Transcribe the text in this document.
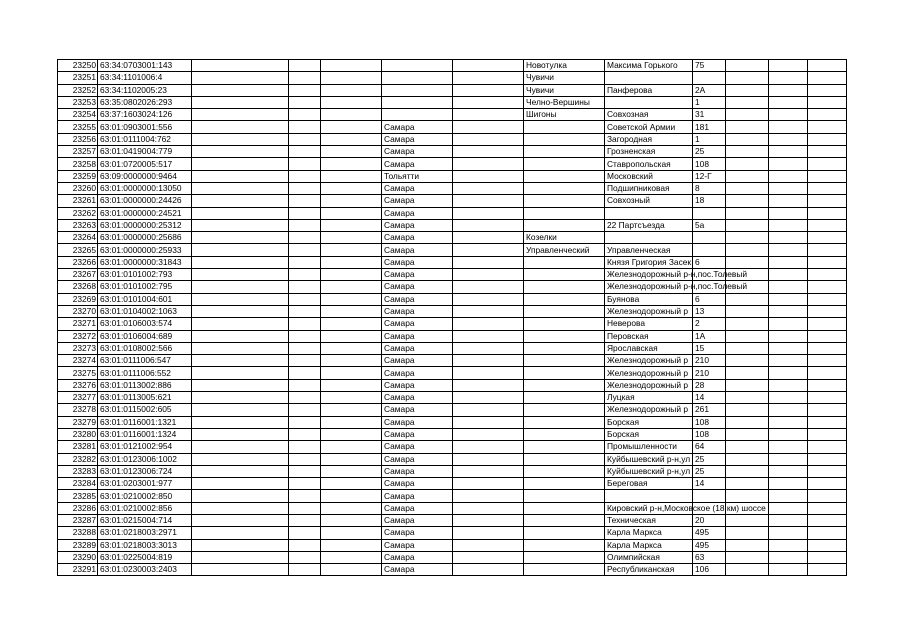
23250	63:34:0703001:143						Новотулка	Максима Горького	75			
23251	63:34:1101006:4						Чувичи					
23252	63:34:1102005:23						Чувичи	Панферова	2А			
23253	63:35:0802026:293						Челно-Вершины		1			
23254	63:37:1603024:126						Шигоны	Совхозная	31			
23255	63:01:0903001:556				Самара			Советской Армии	181			
23256	63:01:0111004:762				Самара			Загородная	1			
23257	63:01:0419004:779				Самара			Грозненская	25			
23258	63:01:0720005:517				Самара			Ставропольская	108			
23259	63:09:0000000:9464				Тольятти			Московский	12-Г			
23260	63:01:0000000:13050				Самара			Подшипниковая	8			
23261	63:01:0000000:24426				Самара			Совхозный	18			
23262	63:01:0000000:24521				Самара							
23263	63:01:0000000:25312				Самара			22 Партсъезда	5а			
23264	63:01:0000000:25686				Самара		Козелки					
23265	63:01:0000000:25933				Самара		Управленческий	Управленческая				
23266	63:01:0000000:31843				Самара			Князя Григория Засек	6			
23267	63:01:0101002:793				Самара			Железнодорожный р-н,пос.Толевый				
23268	63:01:0101002:795				Самара			Железнодорожный р-н,пос.Толевый				
23269	63:01:0101004:601				Самара			Буянова	6			
23270	63:01:0104002:1063				Самара			Железнодорожный р	13			
23271	63:01:0106003:574				Самара			Неверова	2			
23272	63:01:0106004:689				Самара			Перовская	1А			
23273	63:01:0108002:566				Самара			Ярославская	15			
23274	63:01:0111006:547				Самара			Железнодорожный р	210			
23275	63:01:0111006:552				Самара			Железнодорожный р	210			
23276	63:01:0113002:886				Самара			Железнодорожный р	28			
23277	63:01:0113005:621				Самара			Луцкая	14			
23278	63:01:0115002:605				Самара			Железнодорожный р	261			
23279	63:01:0116001:1321				Самара			Борская	108			
23280	63:01:0116001:1324				Самара			Борская	108			
23281	63:01:0121002:954				Самара			Промышленности	64			
23282	63:01:0123006:1002				Самара			Куйбышевский р-н,ул	25			
23283	63:01:0123006:724				Самара			Куйбышевский р-н,ул	25			
23284	63:01:0203001:977				Самара			Береговая	14			
23285	63:01:0210002:850				Самара							
23286	63:01:0210002:856				Самара			Кировский р-н,Московское (18 км) шоссе				
23287	63:01:0215004:714				Самара			Техническая	20			
23288	63:01:0218003:2971				Самара			Карла Маркса	495			
23289	63:01:0218003:3013				Самара			Карла Маркса	495			
23290	63:01:0225004:819				Самара			Олимпийская	63			
23291	63:01:0230003:2403				Самара			Республиканская	106			
